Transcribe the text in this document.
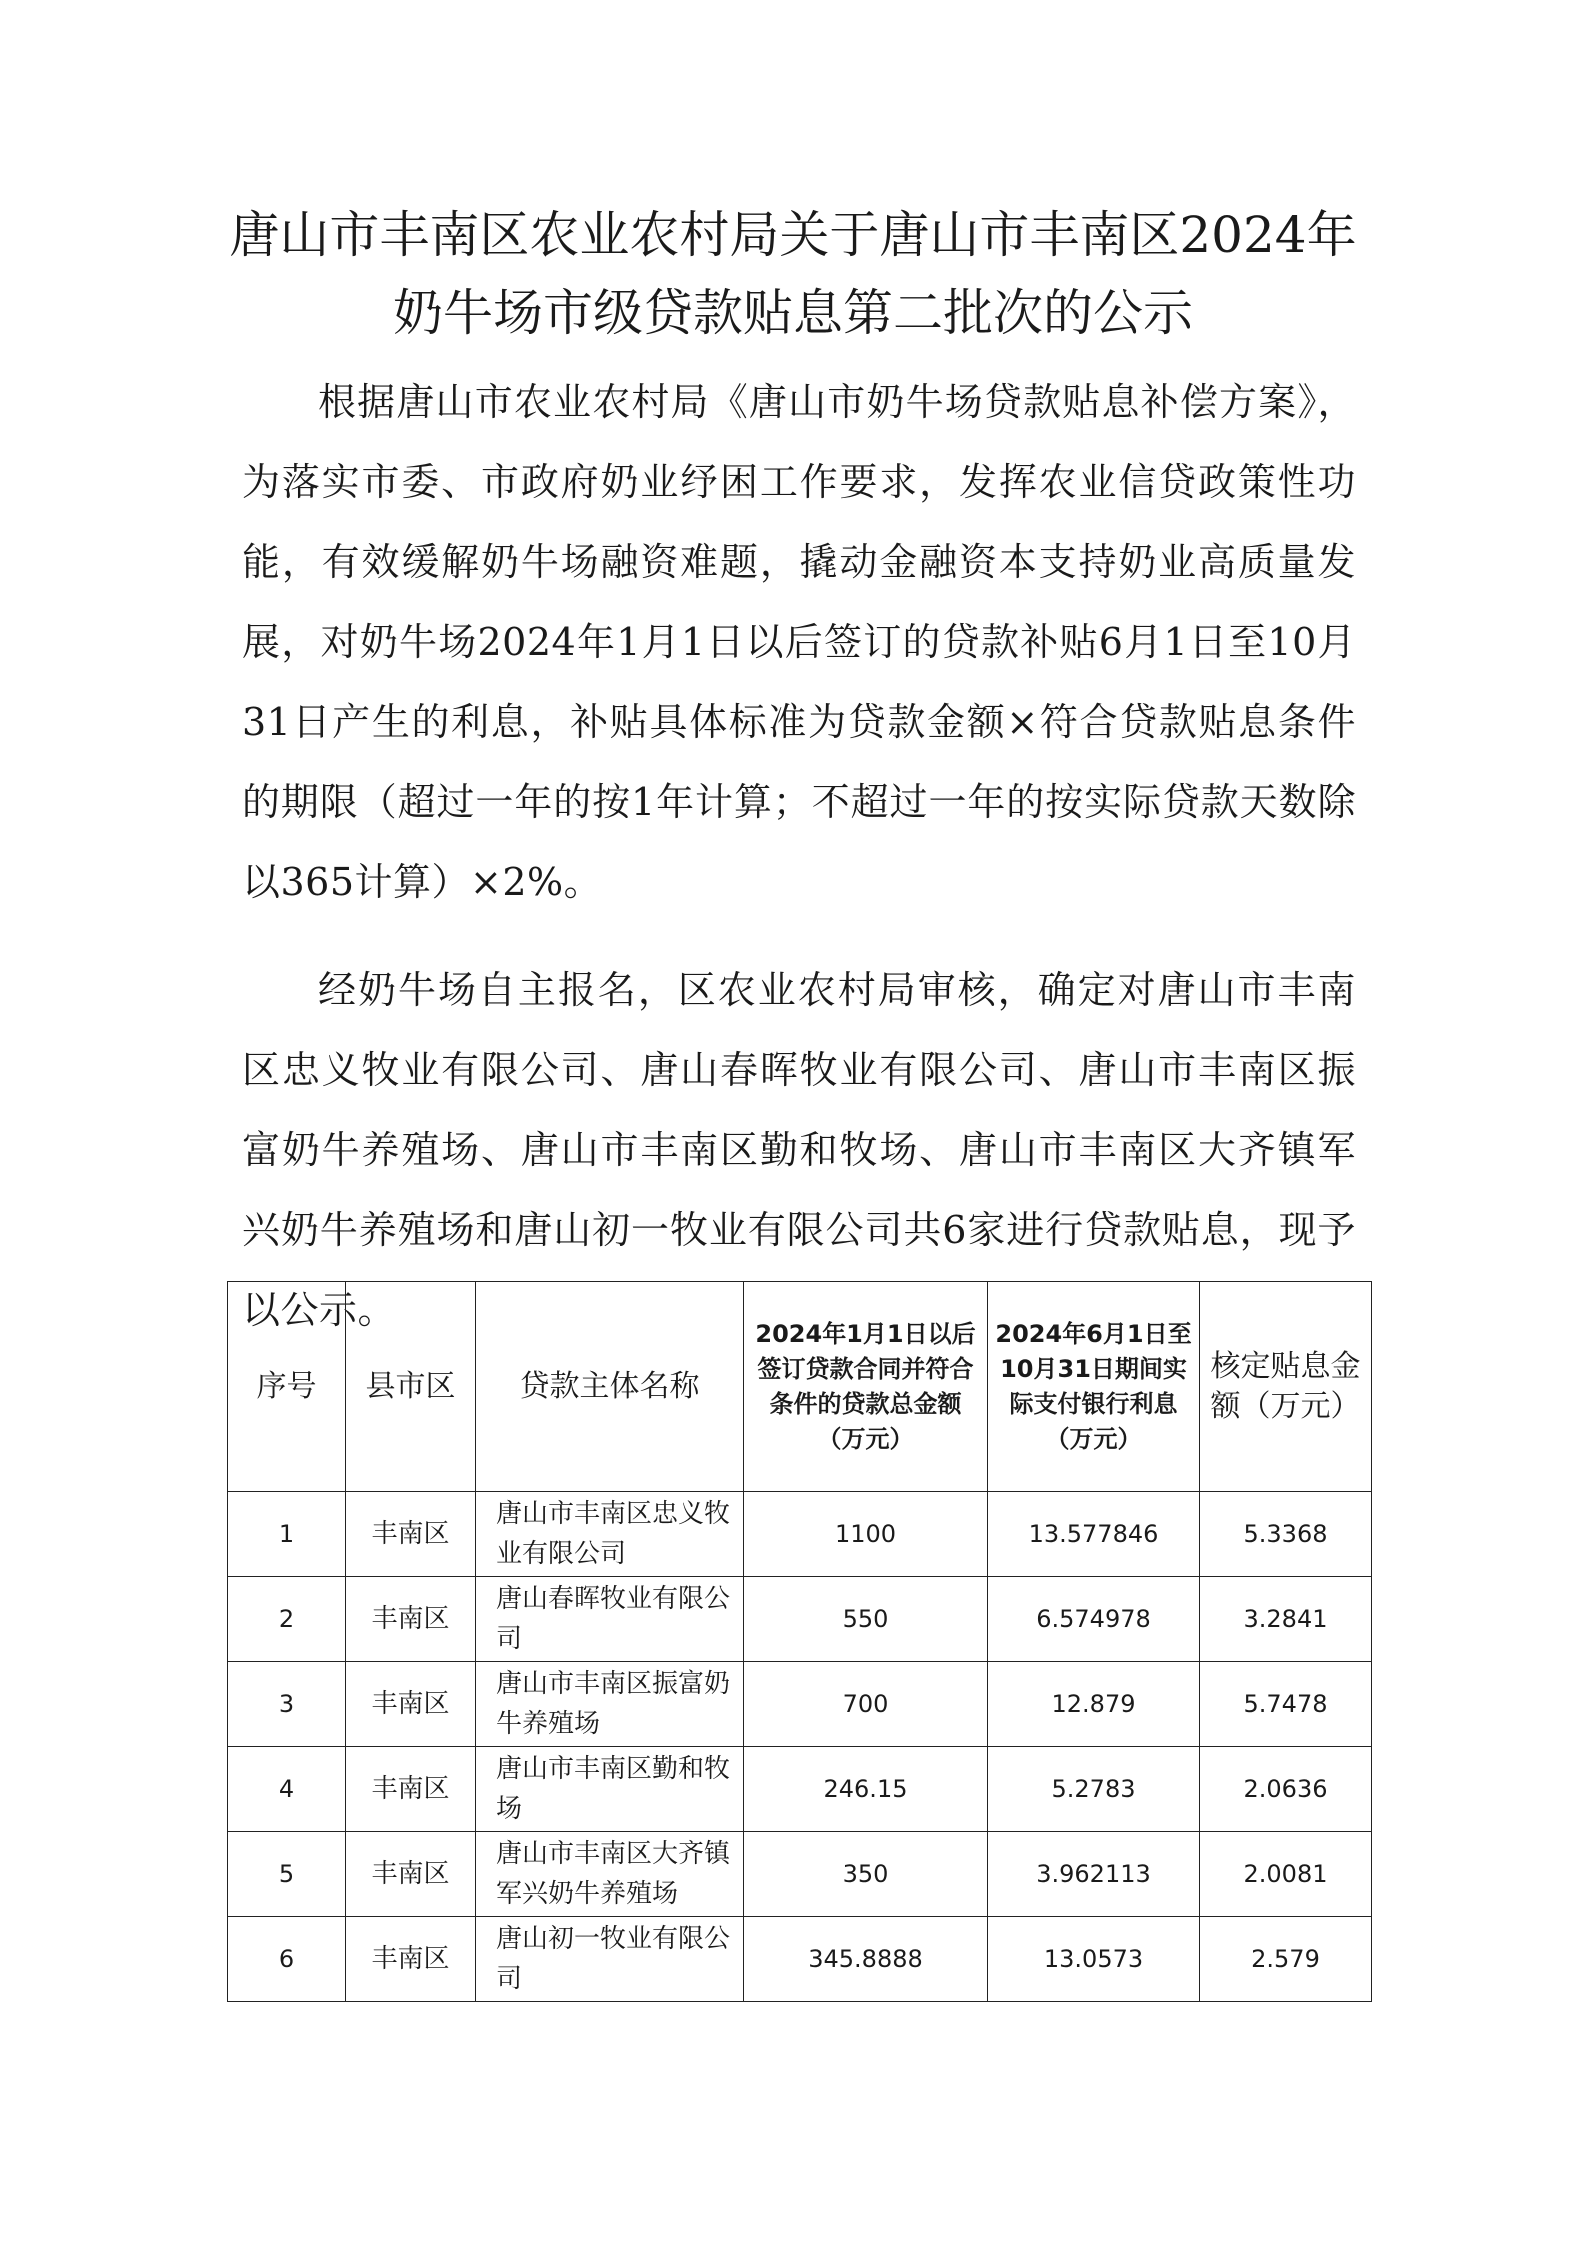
唐山市丰南区农业农村局关于唐山市丰南区2024年
奶牛场市级贷款贴息第二批次的公示

根据唐山市农业农村局《唐山市奶牛场贷款贴息补偿方案》，为落实市委、市政府奶业纾困工作要求，发挥农业信贷政策性功能，有效缓解奶牛场融资难题，撬动金融资本支持奶业高质量发展，对奶牛场2024年1月1日以后签订的贷款补贴6月1日至10月31日产生的利息，补贴具体标准为贷款金额×符合贷款贴息条件的期限（超过一年的按1年计算；不超过一年的按实际贷款天数除以365计算）×2%。

经奶牛场自主报名，区农业农村局审核，确定对唐山市丰南区忠义牧业有限公司、唐山春晖牧业有限公司、唐山市丰南区振富奶牛养殖场、唐山市丰南区勤和牧场、唐山市丰南区大齐镇军兴奶牛养殖场和唐山初一牧业有限公司共6家进行贷款贴息，现予以公示。

序号	县市区	贷款主体名称	2024年1月1日以后签订贷款合同并符合条件的贷款总金额（万元）	2024年6月1日至10月31日期间实际支付银行利息（万元）	核定贴息金额（万元）
1	丰南区	唐山市丰南区忠义牧业有限公司	1100	13.577846	5.3368
2	丰南区	唐山春晖牧业有限公司	550	6.574978	3.2841
3	丰南区	唐山市丰南区振富奶牛养殖场	700	12.879	5.7478
4	丰南区	唐山市丰南区勤和牧场	246.15	5.2783	2.0636
5	丰南区	唐山市丰南区大齐镇军兴奶牛养殖场	350	3.962113	2.0081
6	丰南区	唐山初一牧业有限公司	345.8888	13.0573	2.579
